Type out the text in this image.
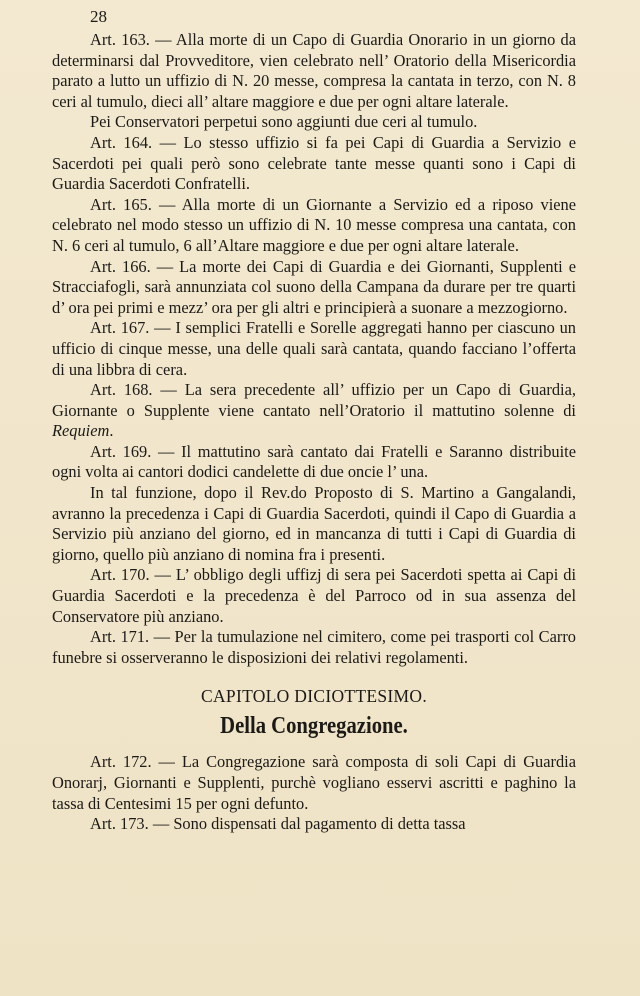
28

Art. 163. — Alla morte di un Capo di Guardia Onorario in un giorno da determinarsi dal Provveditore, vien celebrato nell’ Oratorio della Misericordia parato a lutto un uffizio di N. 20 messe, compresa la cantata in terzo, con N. 8 ceri al tumulo, dieci all’ altare maggiore e due per ogni altare laterale.

Pei Conservatori perpetui sono aggiunti due ceri al tumulo.

Art. 164. — Lo stesso uffizio si fa pei Capi di Guardia a Servizio e Sacerdoti pei quali però sono celebrate tante messe quanti sono i Capi di Guardia Sacerdoti Confratelli.

Art. 165. — Alla morte di un Giornante a Servizio ed a riposo viene celebrato nel modo stesso un uffizio di N. 10 messe compresa una cantata, con N. 6 ceri al tumulo, 6 all’Altare maggiore e due per ogni altare laterale.

Art. 166. — La morte dei Capi di Guardia e dei Giornanti, Supplenti e Stracciafogli, sarà annunziata col suono della Campana da durare per tre quarti d’ ora pei primi e mezz’ ora per gli altri e principierà a suonare a mezzogiorno.

Art. 167. — I semplici Fratelli e Sorelle aggregati hanno per ciascuno un ufficio di cinque messe, una delle quali sarà cantata, quando facciano l’offerta di una libbra di cera.

Art. 168. — La sera precedente all’ uffizio per un Capo di Guardia, Giornante o Supplente viene cantato nell’Oratorio il mattutino solenne di Requiem.

Art. 169. — Il mattutino sarà cantato dai Fratelli e Saranno distribuite ogni volta ai cantori dodici candelette di due oncie l’ una.

In tal funzione, dopo il Rev.do Proposto di S. Martino a Gangalandi, avranno la precedenza i Capi di Guardia Sacerdoti, quindi il Capo di Guardia a Servizio più anziano del giorno, ed in mancanza di tutti i Capi di Guardia di giorno, quello più anziano di nomina fra i presenti.

Art. 170. — L’ obbligo degli uffizj di sera pei Sacerdoti spetta ai Capi di Guardia Sacerdoti e la precedenza è del Parroco od in sua assenza del Conservatore più anziano.

Art. 171. — Per la tumulazione nel cimitero, come pei trasporti col Carro funebre si osserveranno le disposizioni dei relativi regolamenti.

CAPITOLO DICIOTTESIMO.
Della Congregazione.

Art. 172. — La Congregazione sarà composta di soli Capi di Guardia Onorarj, Giornanti e Supplenti, purchè vogliano esservi ascritti e paghino la tassa di Centesimi 15 per ogni defunto.

Art. 173. — Sono dispensati dal pagamento di detta tassa
